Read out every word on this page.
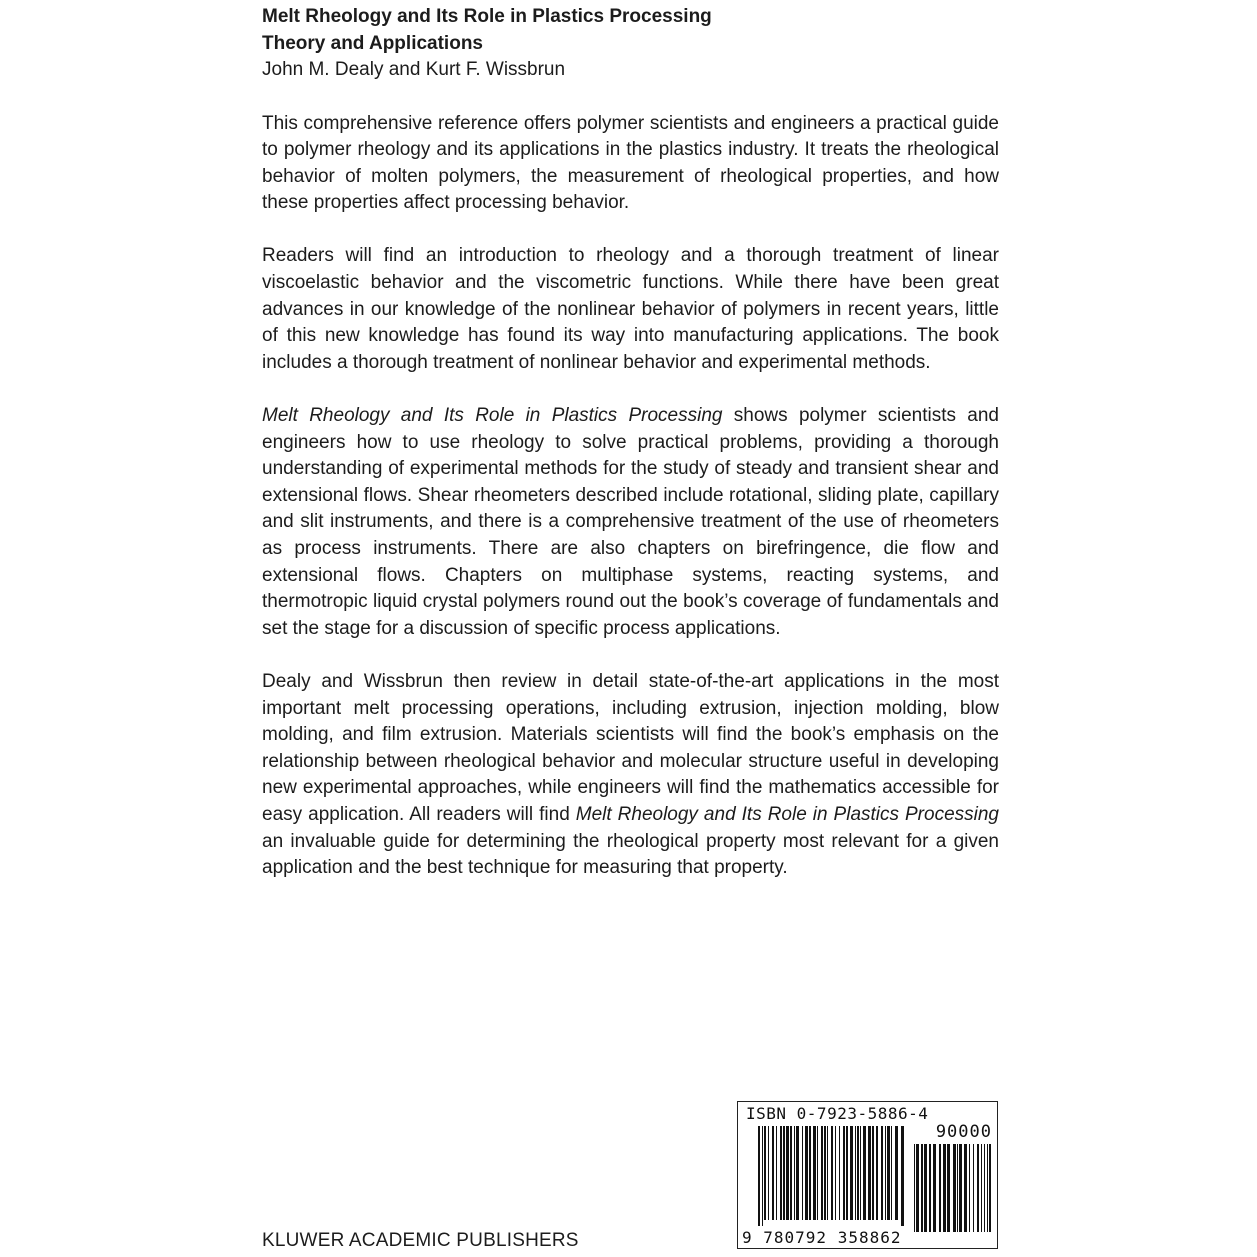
Melt Rheology and Its Role in Plastics Processing

Theory and Applications

John M. Dealy and Kurt F. Wissbrun

This comprehensive reference offers polymer scientists and engineers a practical guide to polymer rheology and its applications in the plastics industry. It treats the rheological behavior of molten polymers, the measurement of rheological properties, and how these properties affect processing behavior.

Readers will find an introduction to rheology and a thorough treatment of linear viscoelastic behavior and the viscometric functions. While there have been great advances in our knowledge of the nonlinear behavior of polymers in recent years, little of this new knowledge has found its way into manufacturing applications. The book includes a thorough treatment of nonlinear behavior and experimental methods.

Melt Rheology and Its Role in Plastics Processing shows polymer scientists and engineers how to use rheology to solve practical problems, providing a thorough understanding of experimental methods for the study of steady and transient shear and extensional flows. Shear rheometers described include rotational, sliding plate, capillary and slit instruments, and there is a comprehensive treatment of the use of rheometers as process instruments. There are also chapters on birefringence, die flow and extensional flows. Chapters on multiphase systems, reacting systems, and thermotropic liquid crystal polymers round out the book’s coverage of fundamentals and set the stage for a discussion of specific process applications.

Dealy and Wissbrun then review in detail state-of-the-art applications in the most important melt processing operations, including extrusion, injection molding, blow molding, and film extrusion. Materials scientists will find the book’s emphasis on the relationship between rheological behavior and molecular structure useful in developing new experimental approaches, while engineers will find the mathematics accessible for easy application. All readers will find Melt Rheology and Its Role in Plastics Processing an invaluable guide for determining the rheological property most relevant for a given application and the best technique for measuring that property.

KLUWER ACADEMIC PUBLISHERS
ISBN 0-7923-5886-4
90000
9 780792 358862
